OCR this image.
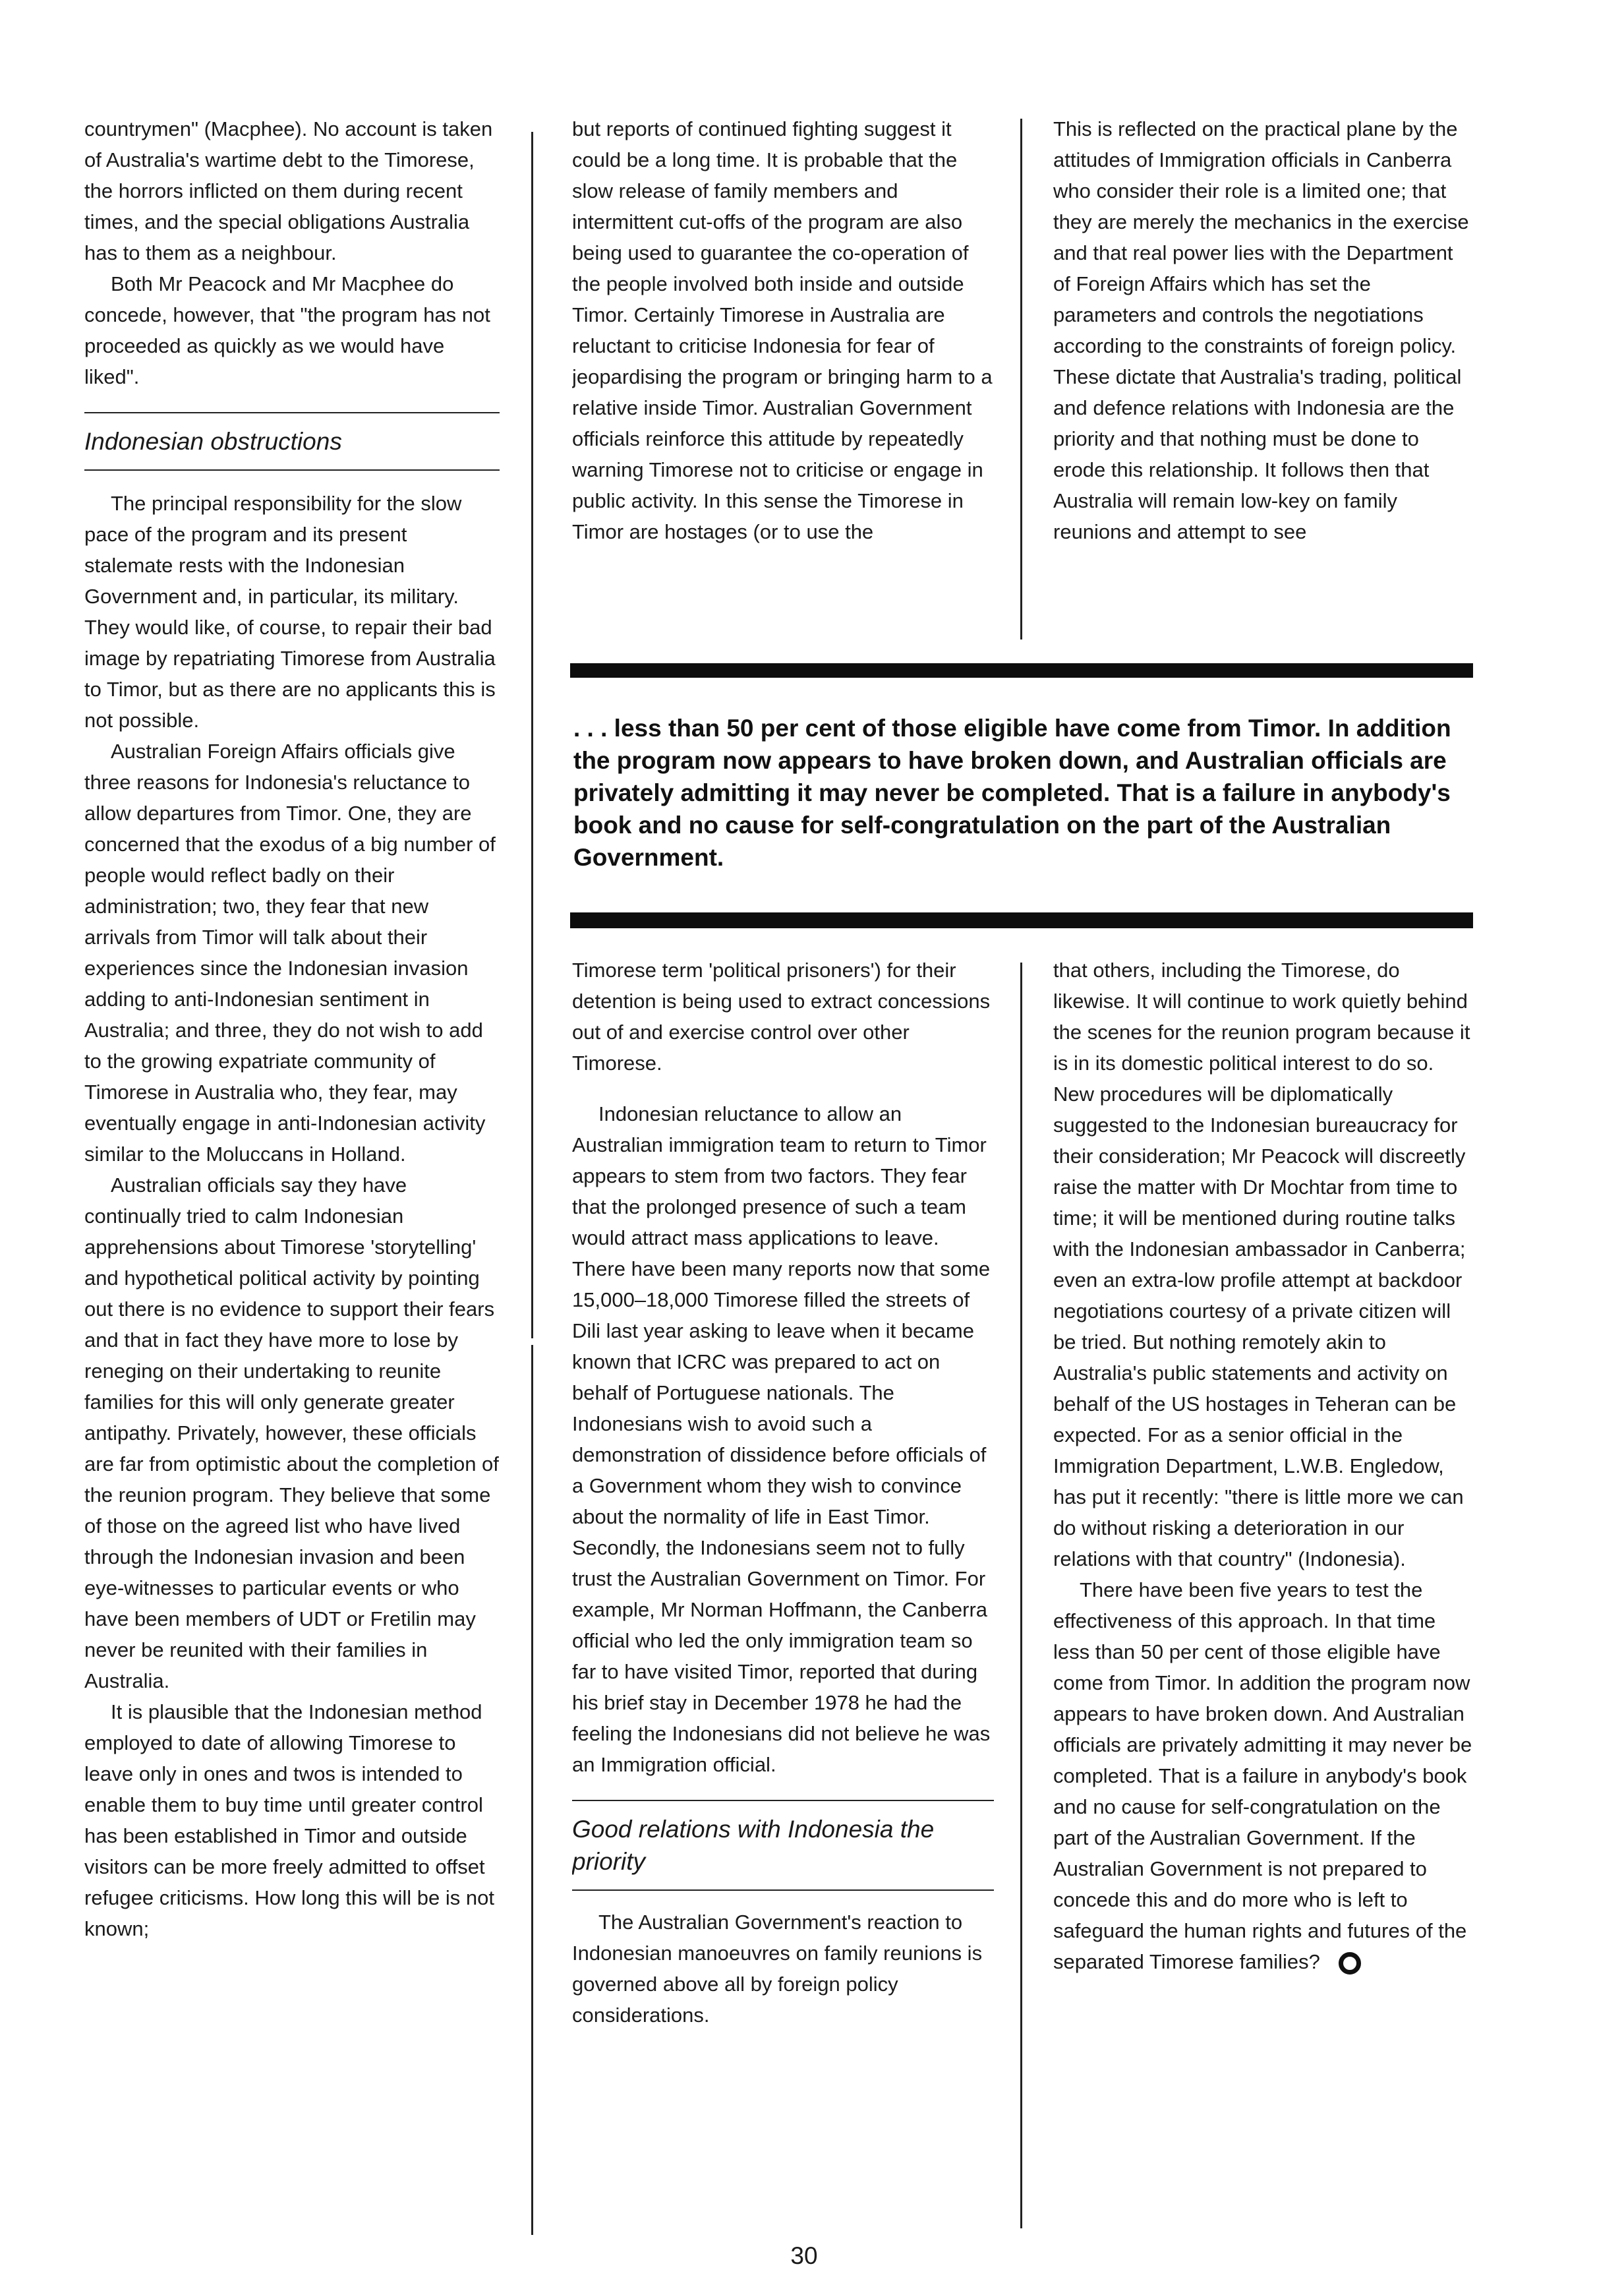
countrymen" (Macphee). No account is taken of Australia's wartime debt to the Timorese, the horrors inflicted on them during recent times, and the special obligations Australia has to them as a neighbour.

Both Mr Peacock and Mr Macphee do concede, however, that "the program has not proceeded as quickly as we would have liked".

Indonesian obstructions

The principal responsibility for the slow pace of the program and its present stalemate rests with the Indonesian Government and, in particular, its military. They would like, of course, to repair their bad image by repatriating Timorese from Australia to Timor, but as there are no applicants this is not possible.

Australian Foreign Affairs officials give three reasons for Indonesia's reluctance to allow departures from Timor. One, they are concerned that the exodus of a big number of people would reflect badly on their administration; two, they fear that new arrivals from Timor will talk about their experiences since the Indonesian invasion adding to anti-Indonesian sentiment in Australia; and three, they do not wish to add to the growing expatriate community of Timorese in Australia who, they fear, may eventually engage in anti-Indonesian activity similar to the Moluccans in Holland.

Australian officials say they have continually tried to calm Indonesian apprehensions about Timorese 'storytelling' and hypothetical political activity by pointing out there is no evidence to support their fears and that in fact they have more to lose by reneging on their undertaking to reunite families for this will only generate greater antipathy. Privately, however, these officials are far from optimistic about the completion of the reunion program. They believe that some of those on the agreed list who have lived through the Indonesian invasion and been eye-witnesses to particular events or who have been members of UDT or Fretilin may never be reunited with their families in Australia.

It is plausible that the Indonesian method employed to date of allowing Timorese to leave only in ones and twos is intended to enable them to buy time until greater control has been established in Timor and outside visitors can be more freely admitted to offset refugee criticisms. How long this will be is not known;

but reports of continued fighting suggest it could be a long time. It is probable that the slow release of family members and intermittent cut-offs of the program are also being used to guarantee the co-operation of the people involved both inside and outside Timor. Certainly Timorese in Australia are reluctant to criticise Indonesia for fear of jeopardising the program or bringing harm to a relative inside Timor. Australian Government officials reinforce this attitude by repeatedly warning Timorese not to criticise or engage in public activity. In this sense the Timorese in Timor are hostages (or to use the

This is reflected on the practical plane by the attitudes of Immigration officials in Canberra who consider their role is a limited one; that they are merely the mechanics in the exercise and that real power lies with the Department of Foreign Affairs which has set the parameters and controls the negotiations according to the constraints of foreign policy. These dictate that Australia's trading, political and defence relations with Indonesia are the priority and that nothing must be done to erode this relationship. It follows then that Australia will remain low-key on family reunions and attempt to see

. . . less than 50 per cent of those eligible have come from Timor. In addition the program now appears to have broken down, and Australian officials are privately admitting it may never be completed. That is a failure in anybody's book and no cause for self-congratulation on the part of the Australian Government.

Timorese term 'political prisoners') for their detention is being used to extract concessions out of and exercise control over other Timorese.

Indonesian reluctance to allow an Australian immigration team to return to Timor appears to stem from two factors. They fear that the prolonged presence of such a team would attract mass applications to leave. There have been many reports now that some 15,000–18,000 Timorese filled the streets of Dili last year asking to leave when it became known that ICRC was prepared to act on behalf of Portuguese nationals. The Indonesians wish to avoid such a demonstration of dissidence before officials of a Government whom they wish to convince about the normality of life in East Timor. Secondly, the Indonesians seem not to fully trust the Australian Government on Timor. For example, Mr Norman Hoffmann, the Canberra official who led the only immigration team so far to have visited Timor, reported that during his brief stay in December 1978 he had the feeling the Indonesians did not believe he was an Immigration official.

Good relations with Indonesia the priority

The Australian Government's reaction to Indonesian manoeuvres on family reunions is governed above all by foreign policy considerations.

that others, including the Timorese, do likewise. It will continue to work quietly behind the scenes for the reunion program because it is in its domestic political interest to do so. New procedures will be diplomatically suggested to the Indonesian bureaucracy for their consideration; Mr Peacock will discreetly raise the matter with Dr Mochtar from time to time; it will be mentioned during routine talks with the Indonesian ambassador in Canberra; even an extra-low profile attempt at backdoor negotiations courtesy of a private citizen will be tried. But nothing remotely akin to Australia's public statements and activity on behalf of the US hostages in Teheran can be expected. For as a senior official in the Immigration Department, L.W.B. Engledow, has put it recently: "there is little more we can do without risking a deterioration in our relations with that country" (Indonesia).

There have been five years to test the effectiveness of this approach. In that time less than 50 per cent of those eligible have come from Timor. In addition the program now appears to have broken down. And Australian officials are privately admitting it may never be completed. That is a failure in anybody's book and no cause for self-congratulation on the part of the Australian Government. If the Australian Government is not prepared to concede this and do more who is left to safeguard the human rights and futures of the separated Timorese families?

30
